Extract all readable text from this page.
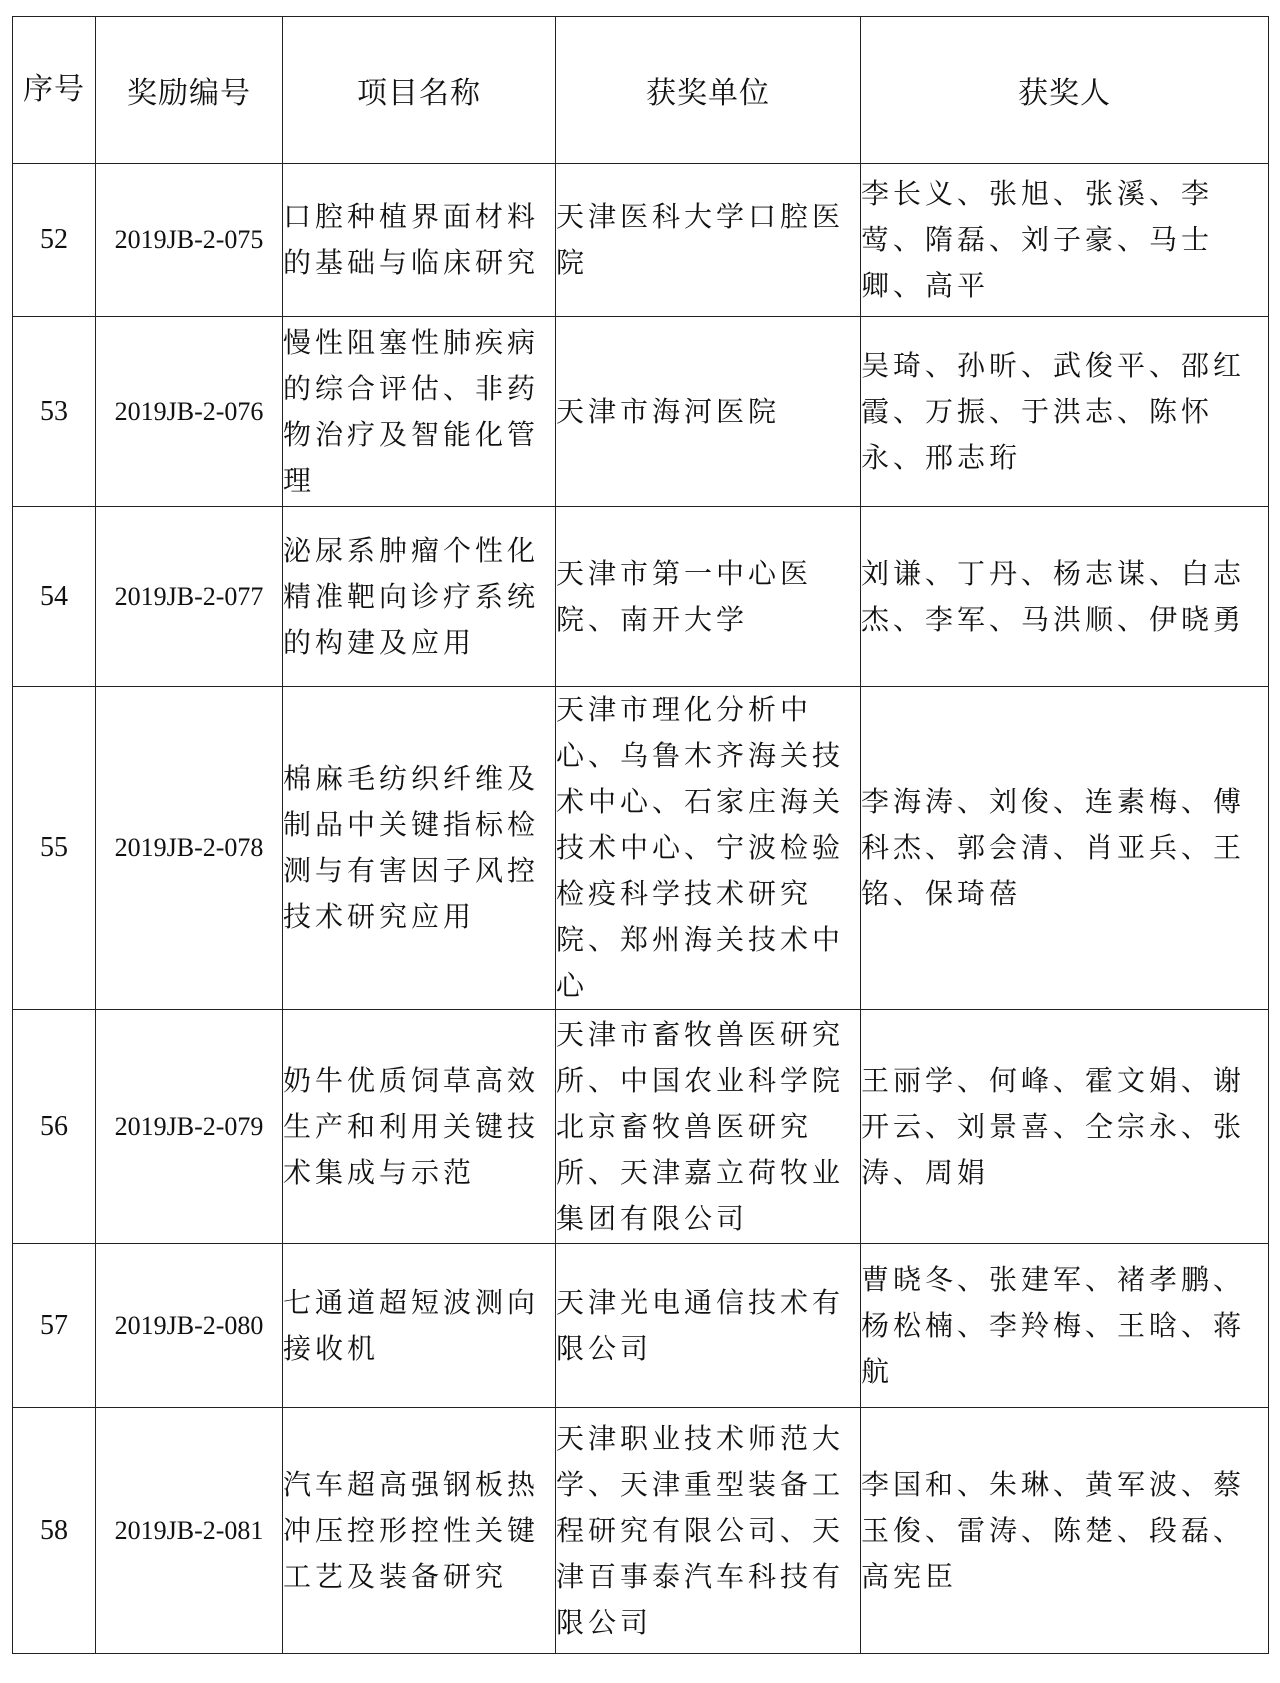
序号	奖励编号	项目名称	获奖单位	获奖人
52	2019JB-2-075	口腔种植界面材料的基础与临床研究	天津医科大学口腔医院	李长义、张旭、张溪、李莺、隋磊、刘子豪、马士卿、高平
53	2019JB-2-076	慢性阻塞性肺疾病的综合评估、非药物治疗及智能化管理	天津市海河医院	吴琦、孙昕、武俊平、邵红霞、万振、于洪志、陈怀永、邢志珩
54	2019JB-2-077	泌尿系肿瘤个性化精准靶向诊疗系统的构建及应用	天津市第一中心医院、南开大学	刘谦、丁丹、杨志谋、白志杰、李军、马洪顺、伊晓勇
55	2019JB-2-078	棉麻毛纺织纤维及制品中关键指标检测与有害因子风控技术研究应用	天津市理化分析中心、乌鲁木齐海关技术中心、石家庄海关技术中心、宁波检验检疫科学技术研究院、郑州海关技术中心	李海涛、刘俊、连素梅、傅科杰、郭会清、肖亚兵、王铭、保琦蓓
56	2019JB-2-079	奶牛优质饲草高效生产和利用关键技术集成与示范	天津市畜牧兽医研究所、中国农业科学院北京畜牧兽医研究所、天津嘉立荷牧业集团有限公司	王丽学、何峰、霍文娟、谢开云、刘景喜、仝宗永、张涛、周娟
57	2019JB-2-080	七通道超短波测向接收机	天津光电通信技术有限公司	曹晓冬、张建军、褚孝鹏、杨松楠、李羚梅、王晗、蒋航
58	2019JB-2-081	汽车超高强钢板热冲压控形控性关键工艺及装备研究	天津职业技术师范大学、天津重型装备工程研究有限公司、天津百事泰汽车科技有限公司	李国和、朱琳、黄军波、蔡玉俊、雷涛、陈楚、段磊、高宪臣
